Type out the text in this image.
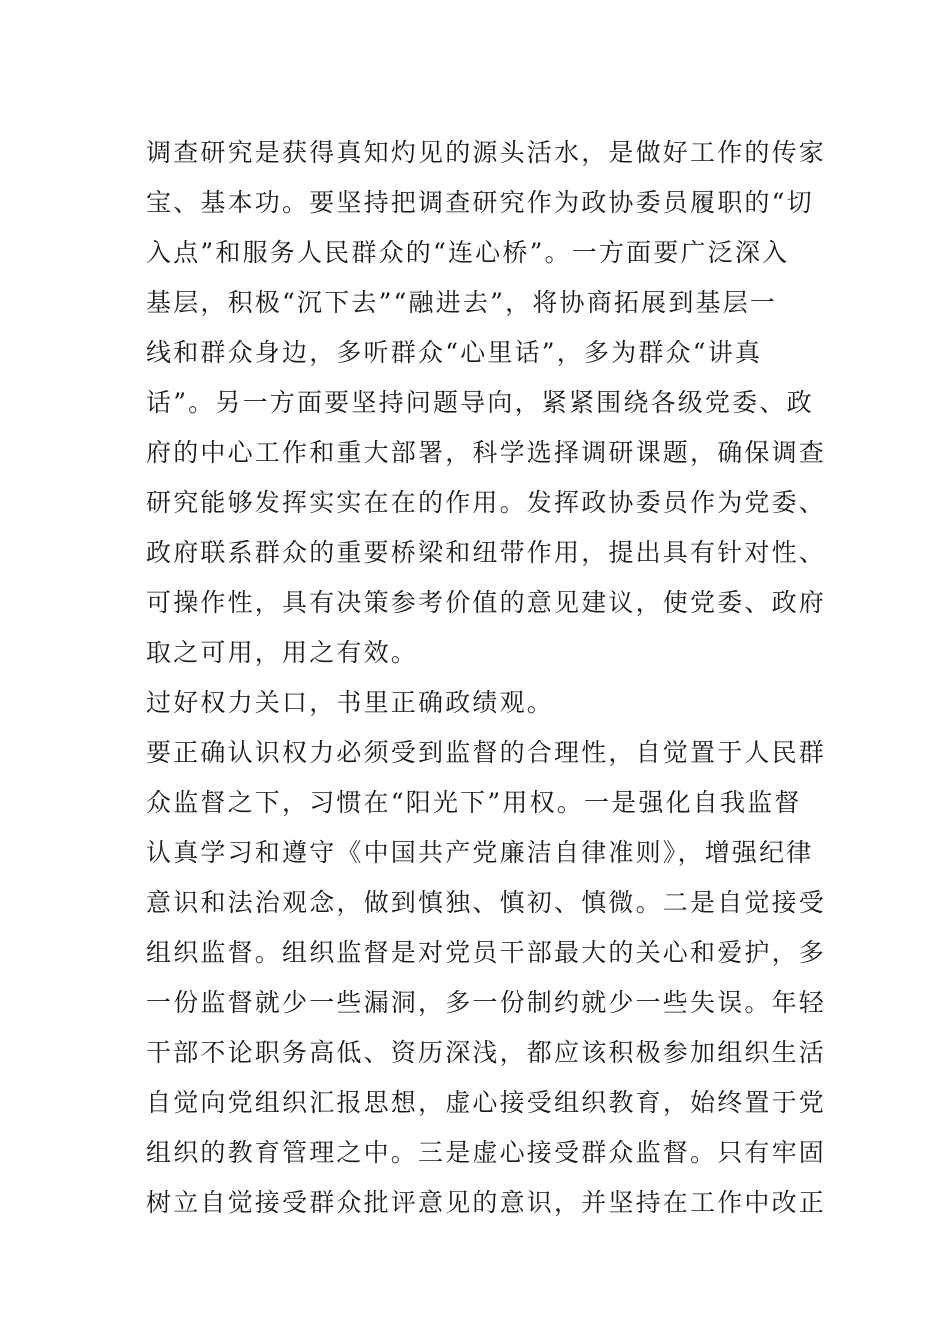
调查研究是获得真知灼见的源头活水，是做好工作的传家
宝、基本功。要坚持把调查研究作为政协委员履职的“切
入点”和服务人民群众的“连心桥”。一方面要广泛深入
基层，积极“沉下去”“融进去”，将协商拓展到基层一
线和群众身边，多听群众“心里话”，多为群众“讲真
话”。另一方面要坚持问题导向，紧紧围绕各级党委、政
府的中心工作和重大部署，科学选择调研课题，确保调查
研究能够发挥实实在在的作用。发挥政协委员作为党委、
政府联系群众的重要桥梁和纽带作用，提出具有针对性、
可操作性，具有决策参考价值的意见建议，使党委、政府
取之可用，用之有效。
过好权力关口，书里正确政绩观。
要正确认识权力必须受到监督的合理性，自觉置于人民群
众监督之下，习惯在“阳光下”用权。一是强化自我监督
认真学习和遵守《中国共产党廉洁自律准则》，增强纪律
意识和法治观念，做到慎独、慎初、慎微。二是自觉接受
组织监督。组织监督是对党员干部最大的关心和爱护，多
一份监督就少一些漏洞，多一份制约就少一些失误。年轻
干部不论职务高低、资历深浅，都应该积极参加组织生活
自觉向党组织汇报思想，虚心接受组织教育，始终置于党
组织的教育管理之中。三是虚心接受群众监督。只有牢固
树立自觉接受群众批评意见的意识，并坚持在工作中改正
